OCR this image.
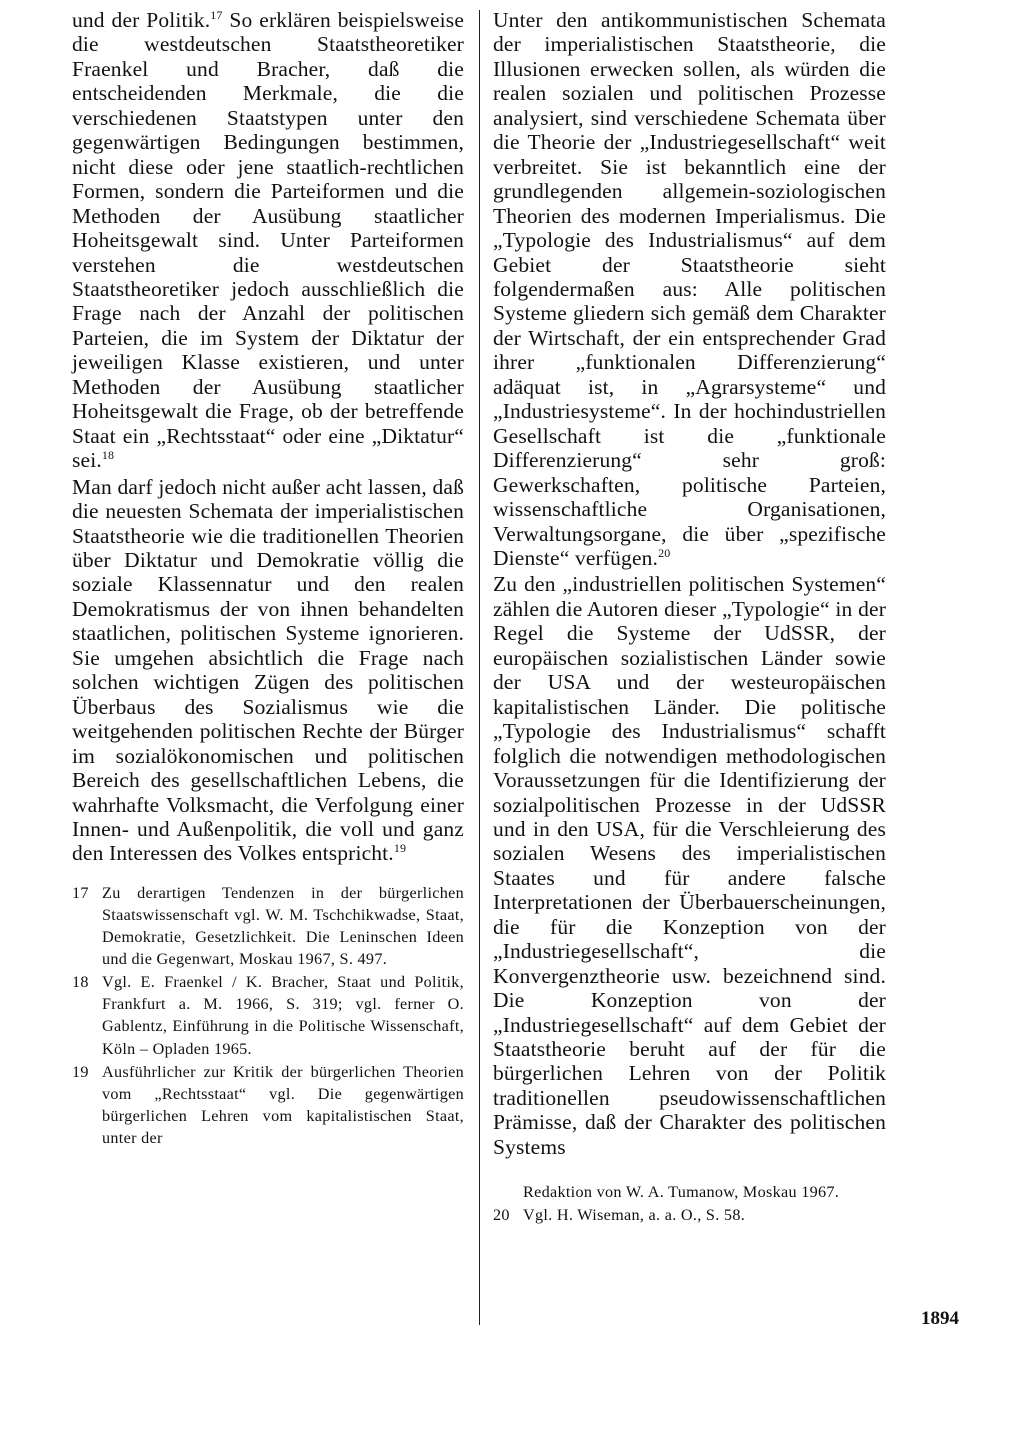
und der Politik.$^{17}$ So erklären beispielsweise die westdeutschen Staatstheoretiker Fraenkel und Bracher, daß die entscheidenden Merkmale, die die verschiedenen Staatstypen unter den gegenwärtigen Bedingungen bestimmen, nicht diese oder jene staatlich-rechtlichen Formen, sondern die Parteiformen und die Methoden der Ausübung staatlicher Hoheitsgewalt sind. Unter Parteiformen verstehen die westdeutschen Staatstheoretiker jedoch ausschließlich die Frage nach der Anzahl der politischen Parteien, die im System der Diktatur der jeweiligen Klasse existieren, und unter Methoden der Ausübung staatlicher Hoheitsgewalt die Frage, ob der betreffende Staat ein „Rechtsstaat“ oder eine „Diktatur“ sei.$^{18}$

Man darf jedoch nicht außer acht lassen, daß die neuesten Schemata der imperialistischen Staatstheorie wie die traditionellen Theorien über Diktatur und Demokratie völlig die soziale Klassennatur und den realen Demokratismus der von ihnen behandelten staatlichen, politischen Systeme ignorieren. Sie umgehen absichtlich die Frage nach solchen wichtigen Zügen des politischen Überbaus des Sozialismus wie die weitgehenden politischen Rechte der Bürger im sozialökonomischen und politischen Bereich des gesellschaftlichen Lebens, die wahrhafte Volksmacht, die Verfolgung einer Innen- und Außenpolitik, die voll und ganz den Interessen des Volkes entspricht.$^{19}$

17 Zu derartigen Tendenzen in der bürgerlichen Staatswissenschaft vgl. W. M. Tschchikwadse, Staat, Demokratie, Gesetzlichkeit. Die Leninschen Ideen und die Gegenwart, Moskau 1967, S. 497.

18 Vgl. E. Fraenkel / K. Bracher, Staat und Politik, Frankfurt a. M. 1966, S. 319; vgl. ferner O. Gablentz, Einführung in die Politische Wissenschaft, Köln – Opladen 1965.

19 Ausführlicher zur Kritik der bürgerlichen Theorien vom „Rechtsstaat“ vgl. Die gegenwärtigen bürgerlichen Lehren vom kapitalistischen Staat, unter der

Unter den antikommunistischen Schemata der imperialistischen Staatstheorie, die Illusionen erwecken sollen, als würden die realen sozialen und politischen Prozesse analysiert, sind verschiedene Schemata über die Theorie der „Industriegesellschaft“ weit verbreitet. Sie ist bekanntlich eine der grundlegenden allgemein-soziologischen Theorien des modernen Imperialismus. Die „Typologie des Industrialismus“ auf dem Gebiet der Staatstheorie sieht folgendermaßen aus: Alle politischen Systeme gliedern sich gemäß dem Charakter der Wirtschaft, der ein entsprechender Grad ihrer „funktionalen Differenzierung“ adäquat ist, in „Agrarsysteme“ und „Industriesysteme“. In der hochindustriellen Gesellschaft ist die „funktionale Differenzierung“ sehr groß: Gewerkschaften, politische Parteien, wissenschaftliche Organisationen, Verwaltungsorgane, die über „spezifische Dienste“ verfügen.$^{20}$

Zu den „industriellen politischen Systemen“ zählen die Autoren dieser „Typologie“ in der Regel die Systeme der UdSSR, der europäischen sozialistischen Länder sowie der USA und der westeuropäischen kapitalistischen Länder. Die politische „Typologie des Industrialismus“ schafft folglich die notwendigen methodologischen Voraussetzungen für die Identifizierung der sozialpolitischen Prozesse in der UdSSR und in den USA, für die Verschleierung des sozialen Wesens des imperialistischen Staates und für andere falsche Interpretationen der Überbauerscheinungen, die für die Konzeption von der „Industriegesellschaft“, die Konvergenztheorie usw. bezeichnend sind. Die Konzeption von der „Industriegesellschaft“ auf dem Gebiet der Staatstheorie beruht auf der für die bürgerlichen Lehren von der Politik traditionellen pseudowissenschaftlichen Prämisse, daß der Charakter des politischen Systems

Redaktion von W. A. Tumanow, Moskau 1967.

20 Vgl. H. Wiseman, a. a. O., S. 58.

1894
